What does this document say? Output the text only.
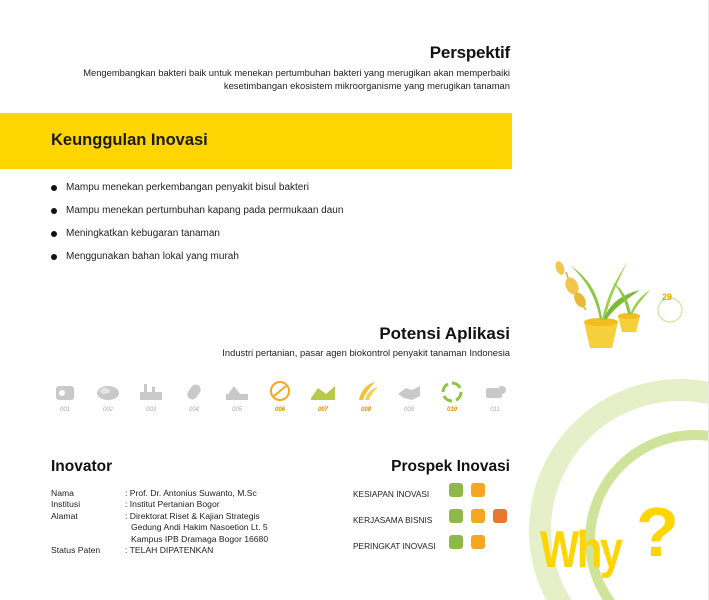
29
Perspektif
Mengembangkan bakteri baik untuk menekan pertumbuhan bakteri yang merugikan akan memperbaiki
kesetimbangan ekosistem mikroorganisme yang merugikan tanaman
Keunggulan Inovasi
Mampu menekan perkembangan penyakit bisul bakteri
Mampu menekan pertumbuhan kapang pada permukaan daun
Meningkatkan kebugaran tanaman
Menggunakan bahan lokal yang murah
Potensi Aplikasi
Industri pertanian, pasar agen biokontrol penyakit tanaman Indonesia
001	002	003	004	005	006	007	008	009	010	011
Inovator
Nama	: Prof. Dr. Antonius Suwanto, M.Sc
Institusi	: Institut Pertanian Bogor
Alamat	: Direktorat Riset & Kajian Strategis
Gedung Andi Hakim Nasoetion Lt. 5
Kampus IPB Dramaga Bogor 16680
Status Paten	: TELAH DIPATENKAN
Prospek Inovasi
KESIAPAN INOVASI
KERJASAMA BISNIS
PERINGKAT INOVASI Why ?
